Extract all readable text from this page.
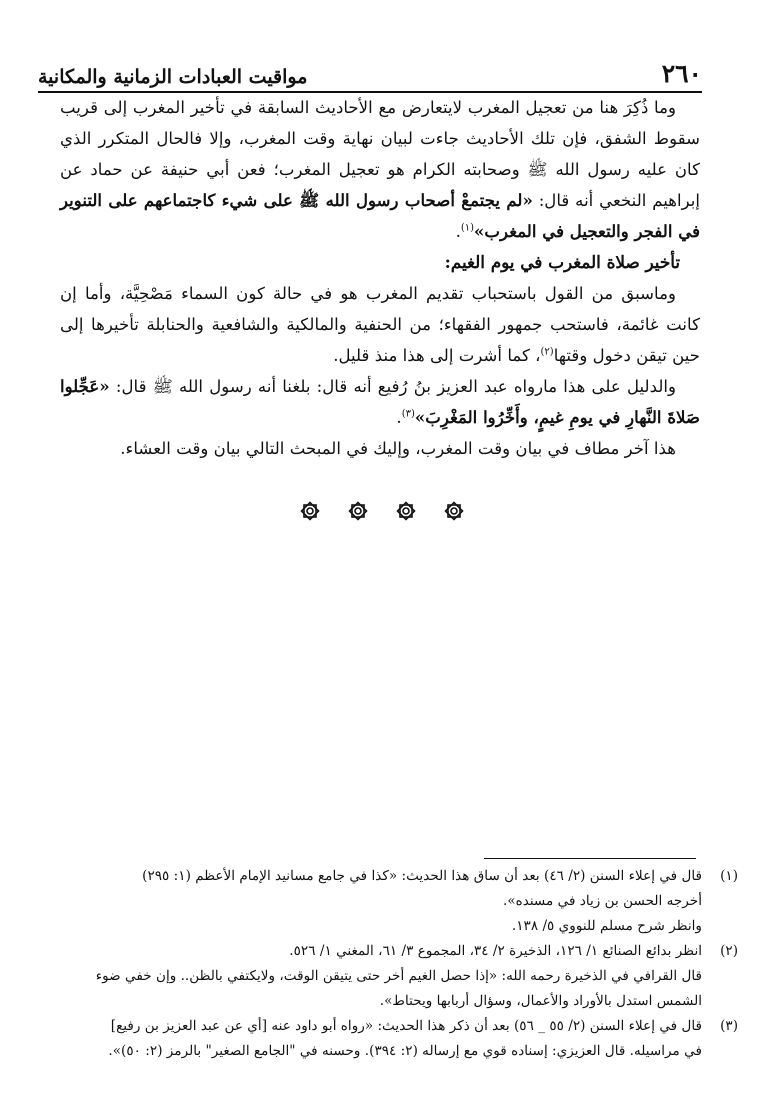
٢٦٠
مواقيت العبادات الزمانية والمكانية

وما ذُكِرَ هنا من تعجيل المغرب لايتعارض مع الأحاديث السابقة في تأخير المغرب إلى قريب سقوط الشفق، فإن تلك الأحاديث جاءت لبيان نهاية وقت المغرب، وإلا فالحال المتكرر الذي كان عليه رسول الله ﷺ وصحابته الكرام هو تعجيل المغرب؛ فعن أبي حنيفة عن حماد عن إبراهيم النخعي أنه قال: «لم يجتمعْ أصحاب رسول الله ﷺ على شيء كاجتماعهم على التنوير في الفجر والتعجيل في المغرب»$^{(١)}$.

تأخير صلاة المغرب في يوم الغيم:

وماسبق من القول باستحباب تقديم المغرب هو في حالة كون السماء مَصْحِيَّة، وأما إن كانت غائمة، فاستحب جمهور الفقهاء؛ من الحنفية والمالكية والشافعية والحنابلة تأخيرها إلى حين تيقن دخول وقتها$^{(٢)}$، كما أشرت إلى هذا منذ قليل.

والدليل على هذا مارواه عبد العزيز بنُ رُفيع أنه قال: بلغنا أنه رسول الله ﷺ قال: «عَجِّلوا صَلاةَ النَّهارِ في يومِ غيمٍ، وأَخِّرُوا المَغْرِبَ»$^{(٣)}$.

هذا آخر مطاف في بيان وقت المغرب، وإليك في المبحث التالي بيان وقت العشاء.

(١)
قال في إعلاء السنن (٢/ ٤٦) بعد أن ساق هذا الحديث: «كذا في جامع مسانيد الإمام الأعظم (١: ٢٩٥)
أخرجه الحسن بن زياد في مسنده».
وانظر شرح مسلم للنووي ٥/ ١٣٨.
(٢)
انظر بدائع الصنائع ١/ ١٢٦، الذخيرة ٢/ ٣٤، المجموع ٣/ ٦١، المغني ١/ ٥٢٦.
قال القرافي في الذخيرة رحمه الله: «إذا حصل الغيم أخر حتى يتيقن الوقت، ولايكتفي بالظن.. وإن خفي ضوء
الشمس استدل بالأوراد والأعمال، وسؤال أربابها ويحتاط».
(٣)
قال في إعلاء السنن (٢/ ٥٥ _ ٥٦) بعد أن ذكر هذا الحديث: «رواه أبو داود عنه [أي عن عبد العزيز بن رفيع]
في مراسيله. قال العزيزي: إسناده قوي مع إرساله (٢: ٣٩٤). وحسنه في "الجامع الصغير" بالرمز (٢: ٥٠)».
